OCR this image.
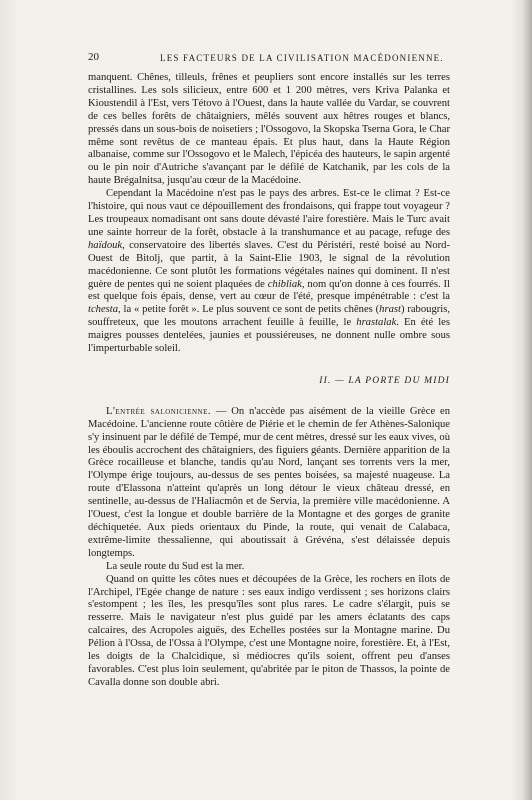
20	LES FACTEURS DE LA CIVILISATION MACÉDONIENNE.

manquent. Chênes, tilleuls, frênes et peupliers sont encore installés sur les terres cristallines. Les sols silicieux, entre 600 et 1 200 mètres, vers Kriva Palanka et Kioustendil à l'Est, vers Tétovo à l'Ouest, dans la haute vallée du Vardar, se couvrent de ces belles forêts de châtaigniers, mêlés souvent aux hêtres rouges et blancs, pressés dans un sous-bois de noisetiers ; l'Ossogovo, la Skopska Tserna Gora, le Char même sont revêtus de ce manteau épais. Et plus haut, dans la Haute Région albanaise, comme sur l'Ossogovo et le Malech, l'épicéa des hauteurs, le sapin argenté ou le pin noir d'Autriche s'avançant par le défilé de Katchanik, par les cols de la haute Brégalnitsa, jusqu'au cœur de la Macédoine.

Cependant la Macédoine n'est pas le pays des arbres. Est-ce le climat ? Est-ce l'histoire, qui nous vaut ce dépouillement des frondaisons, qui frappe tout voyageur ? Les troupeaux nomadisant ont sans doute dévasté l'aire forestière. Mais le Turc avait une sainte horreur de la forêt, obstacle à la transhumance et au pacage, refuge des haïdouk, conservatoire des libertés slaves. C'est du Péristéri, resté boisé au Nord-Ouest de Bitolj, que partit, à la Saint-Elie 1903, le signal de la révolution macédonienne. Ce sont plutôt les formations végétales naines qui dominent. Il n'est guère de pentes qui ne soient plaquées de chibliak, nom qu'on donne à ces fourrés. Il est quelque fois épais, dense, vert au cœur de l'été, presque impénétrable : c'est la tchesta, la « petite forêt ». Le plus souvent ce sont de petits chênes (hrast) rabougris, souffreteux, que les moutons arrachent feuille à feuille, le hrastalak. En été les maigres pousses dentelées, jaunies et poussiéreuses, ne donnent nulle ombre sous l'imperturbable soleil.

II. — LA PORTE DU MIDI

L'entrée salonicienne. — On n'accède pas aisément de la vieille Grèce en Macédoine. L'ancienne route côtière de Piérie et le chemin de fer Athènes-Salonique s'y insinuent par le défilé de Tempé, mur de cent mètres, dressé sur les eaux vives, où les éboulis accrochent des châtaigniers, des figuiers géants. Dernière apparition de la Grèce rocailleuse et blanche, tandis qu'au Nord, lançant ses torrents vers la mer, l'Olympe érige toujours, au-dessus de ses pentes boisées, sa majesté nuageuse. La route d'Elassona n'atteint qu'après un long détour le vieux château dressé, en sentinelle, au-dessus de l'Haliacmôn et de Servia, la première ville macédonienne. A l'Ouest, c'est la longue et double barrière de la Montagne et des gorges de granite déchiquetée. Aux pieds orientaux du Pinde, la route, qui venait de Calabaca, extrême-limite thessalienne, qui aboutissait à Grévéna, s'est délaissée depuis longtemps.

La seule route du Sud est la mer.

Quand on quitte les côtes nues et découpées de la Grèce, les rochers en îlots de l'Archipel, l'Egée change de nature : ses eaux indigo verdissent ; ses horizons clairs s'estompent ; les îles, les presqu'îles sont plus rares. Le cadre s'élargit, puis se resserre. Mais le navigateur n'est plus guidé par les amers éclatants des caps calcaires, des Acropoles aiguës, des Echelles postées sur la Montagne marine. Du Pélion à l'Ossa, de l'Ossa à l'Olympe, c'est une Montagne noire, forestière. Et, à l'Est, les doigts de la Chalcidique, si médiocres qu'ils soient, offrent peu d'anses favorables. C'est plus loin seulement, qu'abritée par le piton de Thassos, la pointe de Cavalla donne son double abri.
